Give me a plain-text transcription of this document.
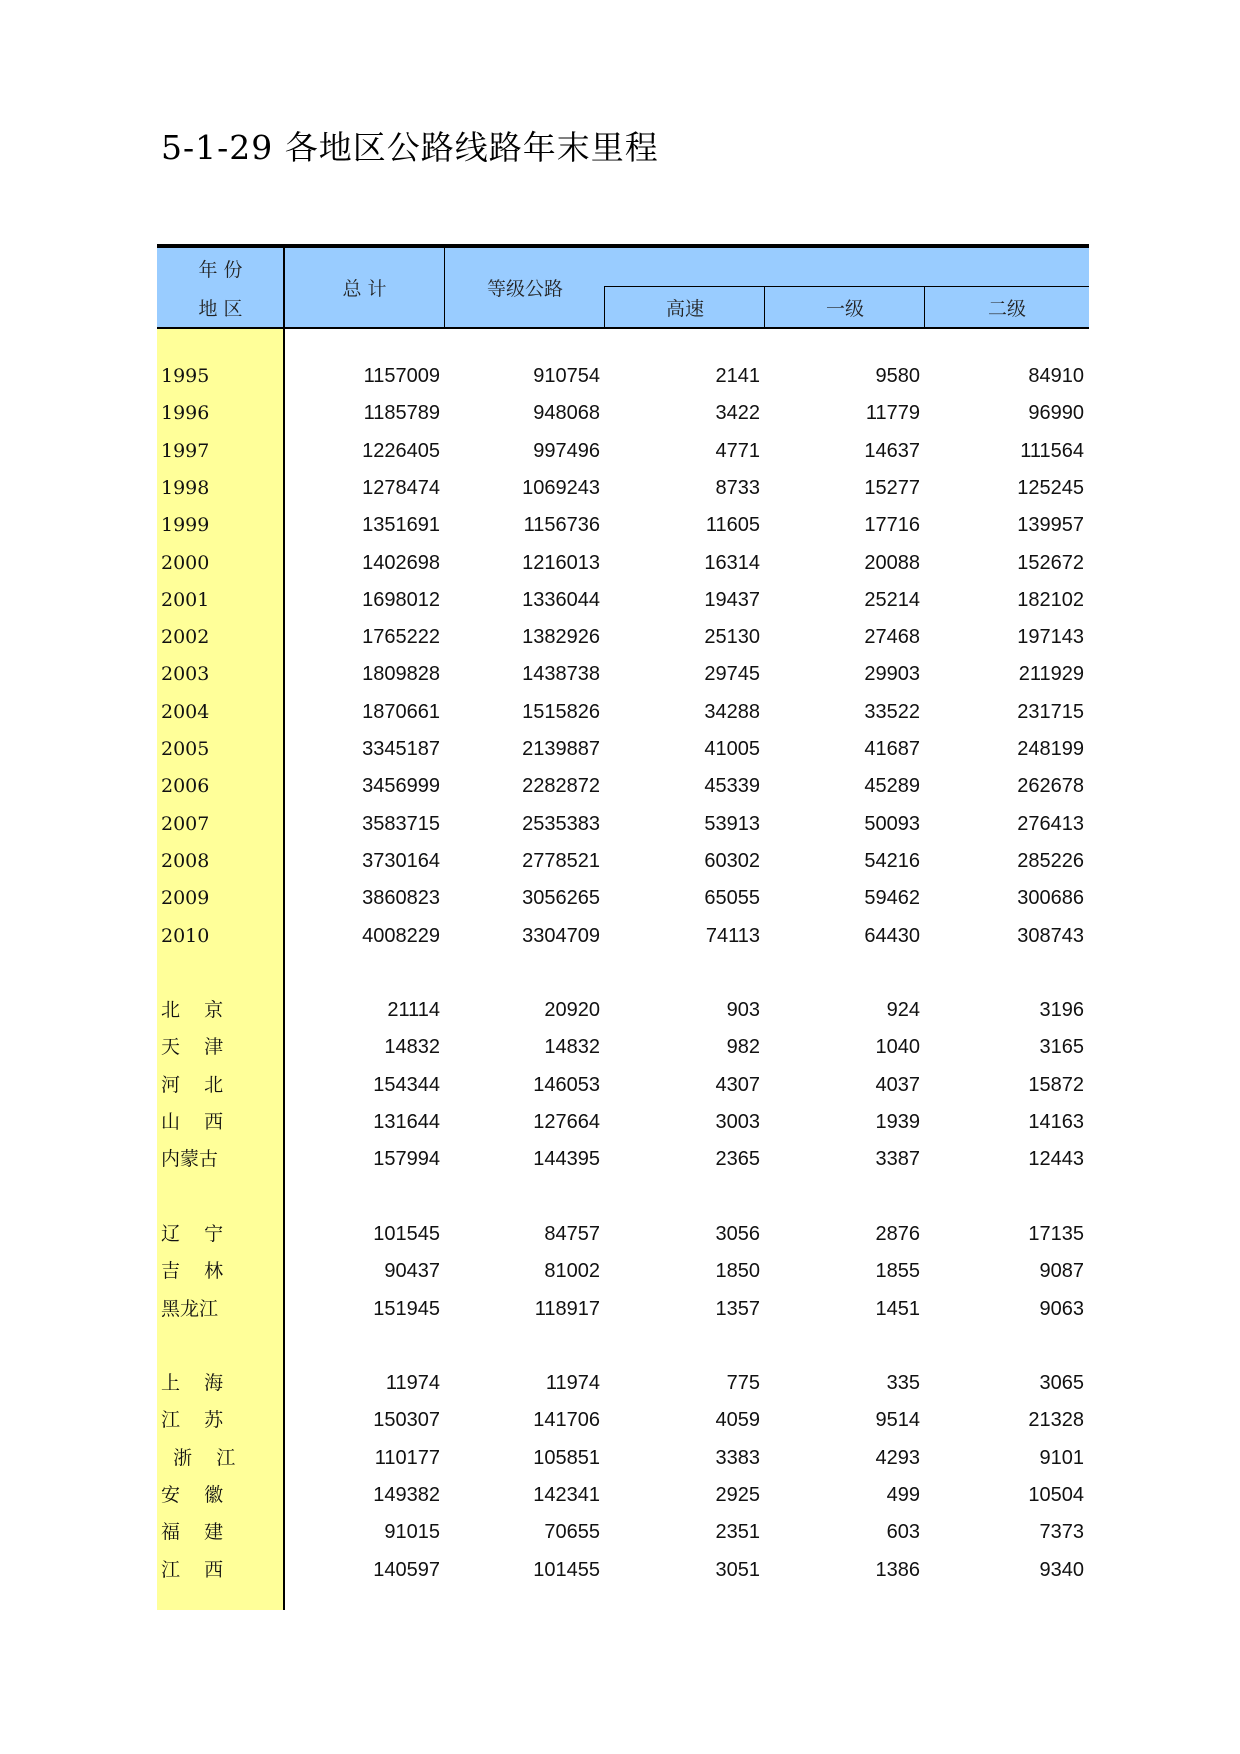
5-1-29 各地区公路线路年末里程
年 份
地 区
总 计	等级公路
高速	一级	二级
1995	1157009	910754	2141	9580	84910
1996	1185789	948068	3422	11779	96990
1997	1226405	997496	4771	14637	111564
1998	1278474	1069243	8733	15277	125245
1999	1351691	1156736	11605	17716	139957
2000	1402698	1216013	16314	20088	152672
2001	1698012	1336044	19437	25214	182102
2002	1765222	1382926	25130	27468	197143
2003	1809828	1438738	29745	29903	211929
2004	1870661	1515826	34288	33522	231715
2005	3345187	2139887	41005	41687	248199
2006	3456999	2282872	45339	45289	262678
2007	3583715	2535383	53913	50093	276413
2008	3730164	2778521	60302	54216	285226
2009	3860823	3056265	65055	59462	300686
2010	4008229	3304709	74113	64430	308743
北    京	21114	20920	903	924	3196
天    津	14832	14832	982	1040	3165
河    北	154344	146053	4307	4037	15872
山    西	131644	127664	3003	1939	14163
内蒙古	157994	144395	2365	3387	12443
辽    宁	101545	84757	3056	2876	17135
吉    林	90437	81002	1850	1855	9087
黑龙江	151945	118917	1357	1451	9063
上    海	11974	11974	775	335	3065
江    苏	150307	141706	4059	9514	21328
浙    江	110177	105851	3383	4293	9101
安    徽	149382	142341	2925	499	10504
福    建	91015	70655	2351	603	7373
江    西	140597	101455	3051	1386	9340
